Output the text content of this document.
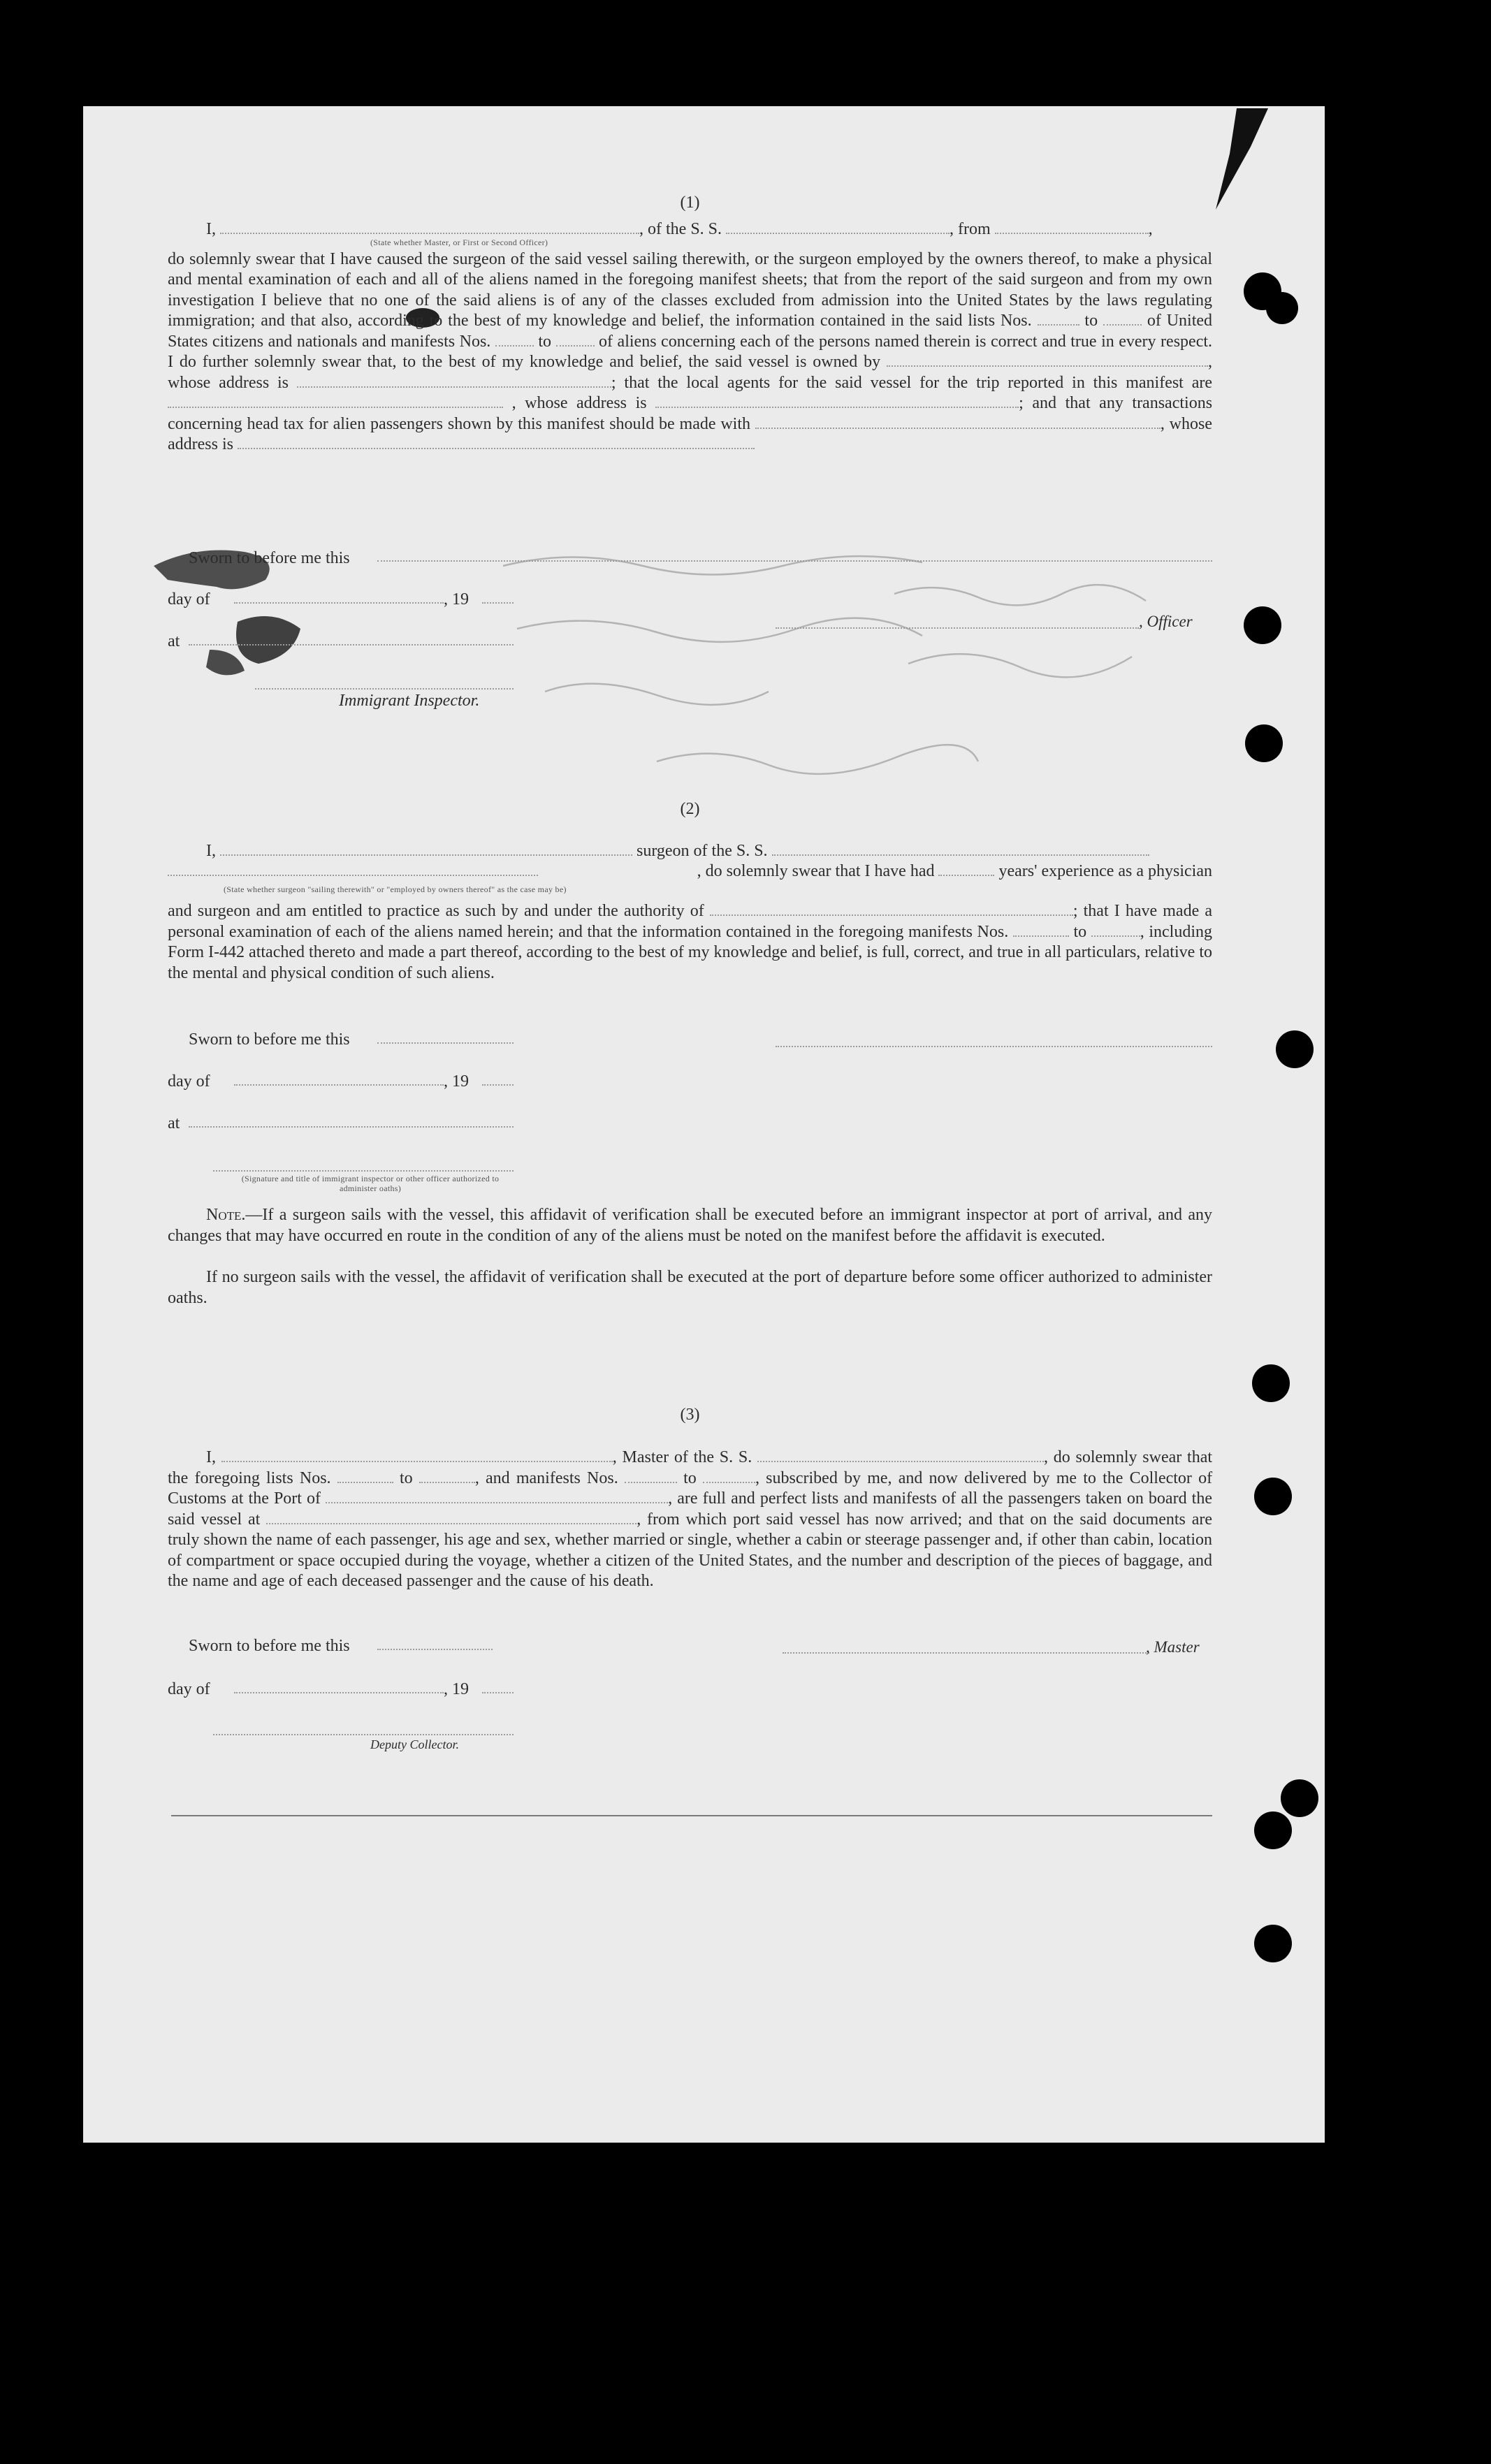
(1)

I,	, of the S. S.	, from	,

(State whether Master, or First or Second Officer)

do solemnly swear that I have caused the surgeon of the said vessel sailing therewith, or the surgeon employed by the owners thereof, to make a physical and mental examination of each and all of the aliens named in the foregoing manifest sheets; that from the report of the said surgeon and from my own investigation I believe that no one of the said aliens is of any of the classes excluded from admission into the United States by the laws regulating immigration; and that also, according to the best of my knowledge and belief, the information contained in the said lists Nos.	to	of United States citizens and nationals and manifests Nos.	to	of aliens concerning each of the persons named therein is correct and true in every respect. I do further solemnly swear that, to the best of my knowledge and belief, the said vessel is owned by	, whose address is	; that the local agents for the said vessel for the trip reported in this manifest are  , whose address is	; and that any transactions concerning head tax for alien passengers shown by this manifest should be made with	, whose address is

Sworn to before me this
day of	, 19
, Officer
at
Immigrant Inspector.
(2)
I,	surgeon of the S. S.
, do solemnly swear that I have had	years' experience as a physician
(State whether surgeon "sailing therewith" or "employed by owners thereof" as the case may be)

and surgeon and am entitled to practice as such by and under the authority of	; that I have made a personal examination of each of the aliens named herein; and that the information contained in the foregoing manifests Nos.	to	, including Form I-442 attached thereto and made a part thereof, according to the best of my knowledge and belief, is full, correct, and true in all particulars, relative to the mental and physical condition of such aliens.

Sworn to before me this
day of	, 19
at
(Signature and title of immigrant inspector or other officer authorized to administer oaths)

Note.—If a surgeon sails with the vessel, this affidavit of verification shall be executed before an immigrant inspector at port of arrival, and any changes that may have occurred en route in the condition of any of the aliens must be noted on the manifest before the affidavit is executed.

If no surgeon sails with the vessel, the affidavit of verification shall be executed at the port of departure before some officer authorized to administer oaths.

(3)

I,	, Master of the S. S.	, do solemnly swear that the foregoing lists Nos.	to	, and manifests Nos.	to	, subscribed by me, and now delivered by me to the Collector of Customs at the Port of	, are full and perfect lists and manifests of all the passengers taken on board the said vessel at	, from which port said vessel has now arrived; and that on the said documents are truly shown the name of each passenger, his age and sex, whether married or single, whether a cabin or steerage passenger and, if other than cabin, location of compartment or space occupied during the voyage, whether a citizen of the United States, and the number and description of the pieces of baggage, and the name and age of each deceased passenger and the cause of his death.

Sworn to before me this	, Master
day of	, 19
Deputy Collector.
